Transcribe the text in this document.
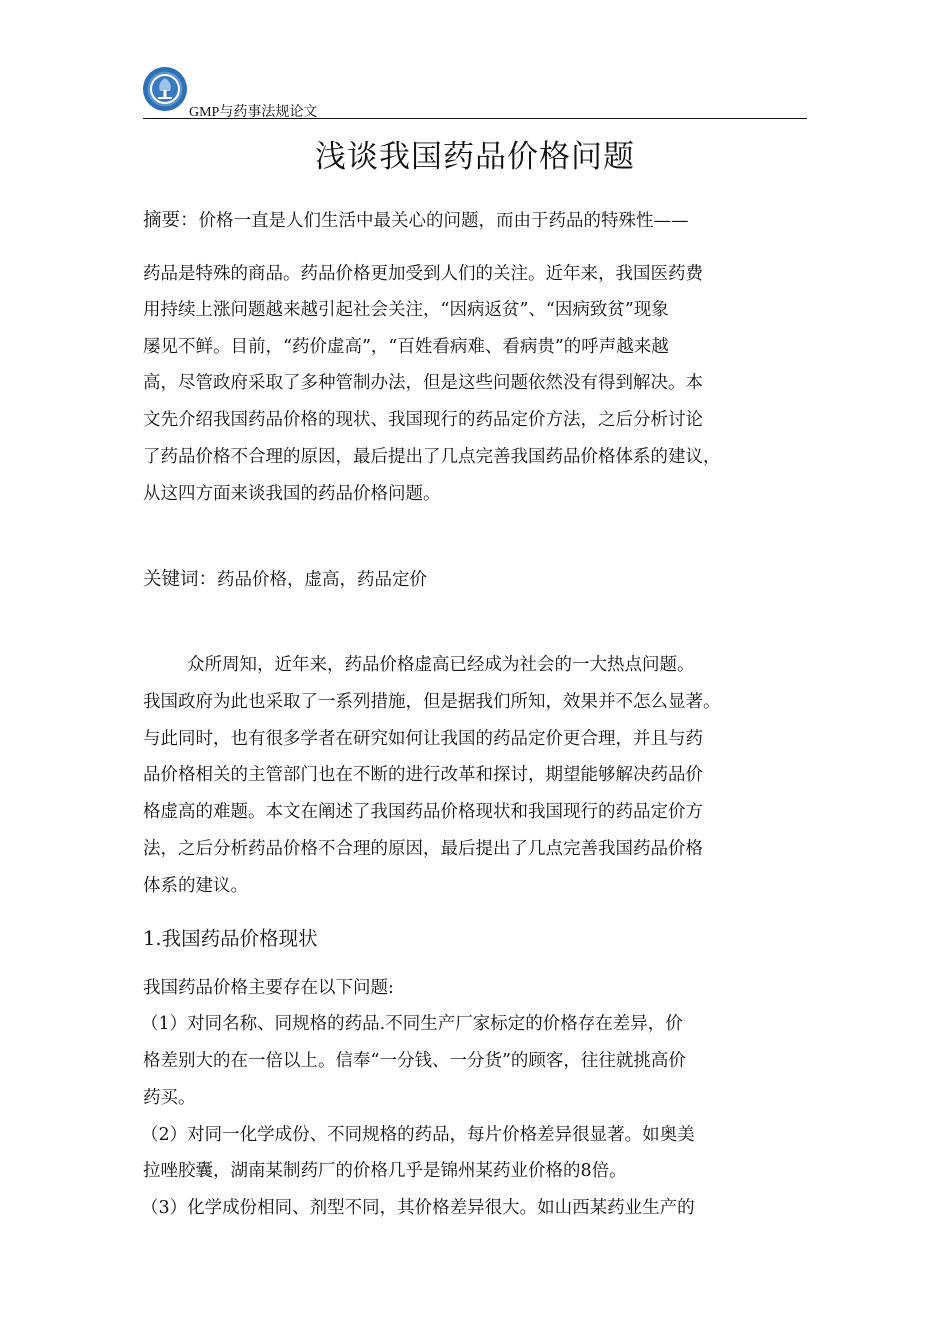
GMP与药事法规论文
浅谈我国药品价格问题
摘要：价格一直是人们生活中最关心的问题，而由于药品的特殊性——
药品是特殊的商品。药品价格更加受到人们的关注。近年来，我国医药费
用持续上涨问题越来越引起社会关注，“因病返贫”、“因病致贫”现象
屡见不鲜。目前，“药价虚高”，“百姓看病难、看病贵”的呼声越来越
高，尽管政府采取了多种管制办法，但是这些问题依然没有得到解决。本
文先介绍我国药品价格的现状、我国现行的药品定价方法，之后分析讨论
了药品价格不合理的原因，最后提出了几点完善我国药品价格体系的建议，
从这四方面来谈我国的药品价格问题。
关键词：药品价格，虚高，药品定价
众所周知，近年来，药品价格虚高已经成为社会的一大热点问题。
我国政府为此也采取了一系列措施，但是据我们所知，效果并不怎么显著。
与此同时，也有很多学者在研究如何让我国的药品定价更合理，并且与药
品价格相关的主管部门也在不断的进行改革和探讨，期望能够解决药品价
格虚高的难题。本文在阐述了我国药品价格现状和我国现行的药品定价方
法，之后分析药品价格不合理的原因，最后提出了几点完善我国药品价格
体系的建议。
1.我国药品价格现状
我国药品价格主要存在以下问题:
（1）对同名称、同规格的药品.不同生产厂家标定的价格存在差异，价
格差别大的在一倍以上。信奉“一分钱、一分货”的顾客，往往就挑高价
药买。
（2）对同一化学成份、不同规格的药品，每片价格差异很显著。如奥美
拉唑胶囊，湖南某制药厂的价格几乎是锦州某药业价格的8倍。
（3）化学成份相同、剂型不同，其价格差异很大。如山西某药业生产的
